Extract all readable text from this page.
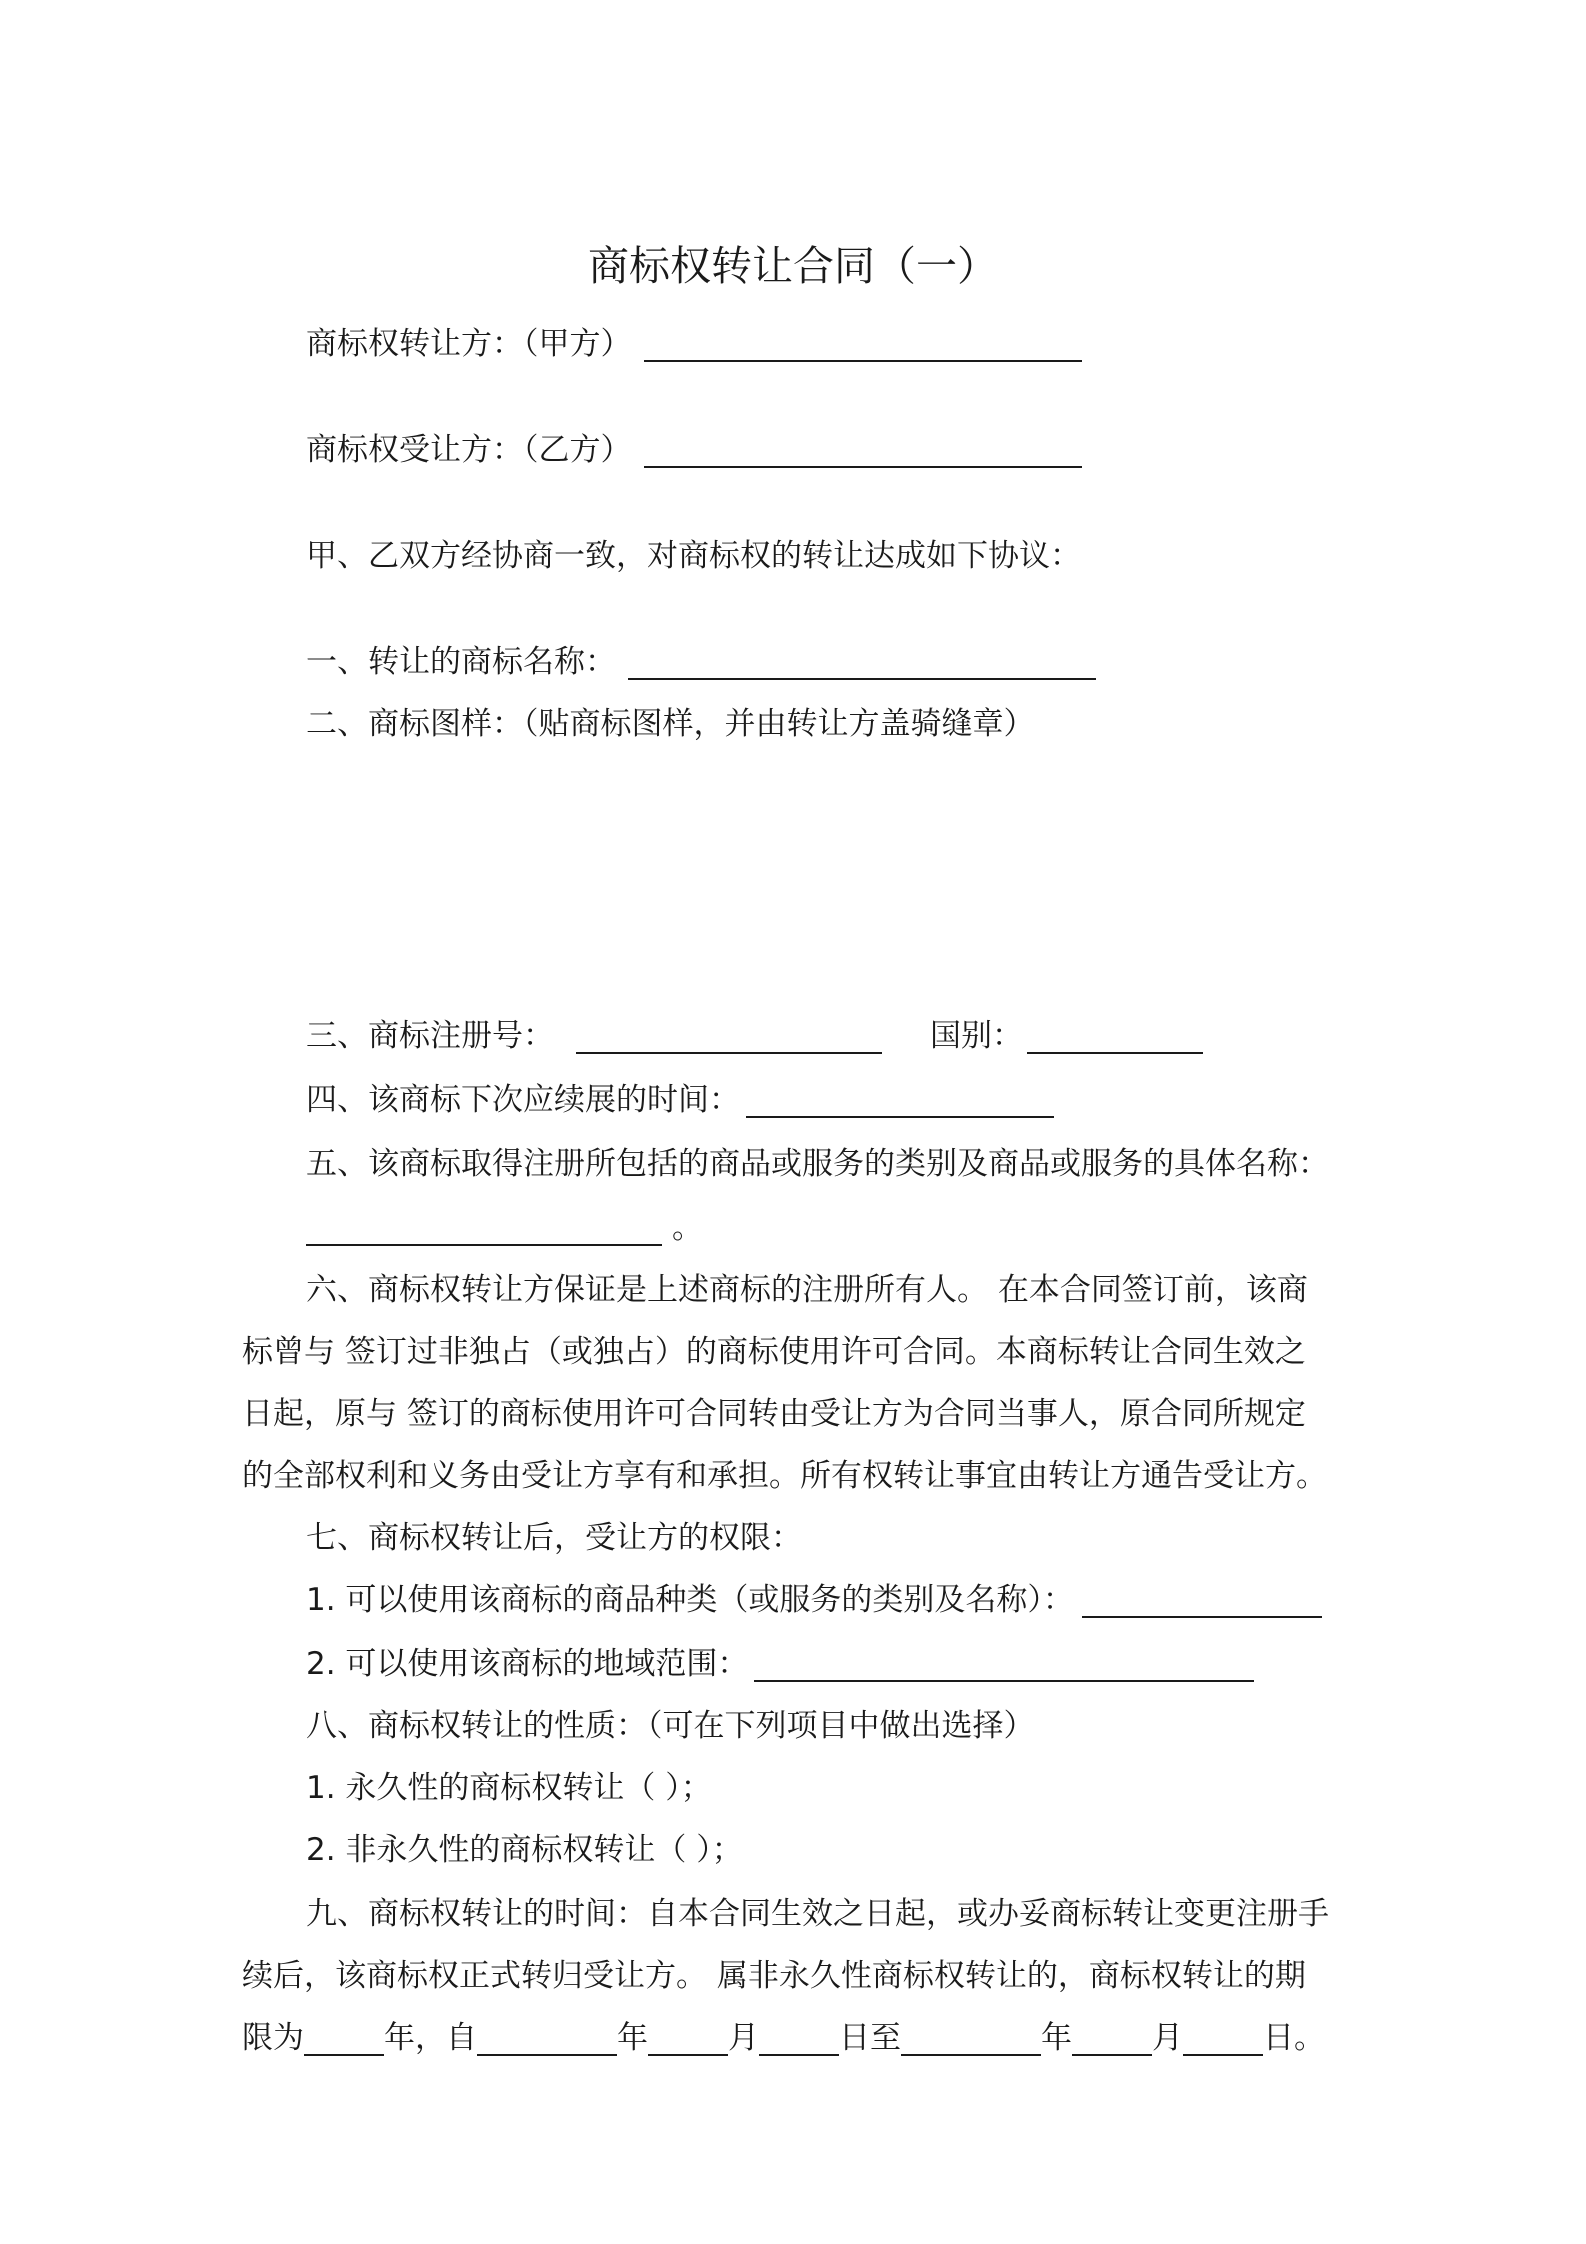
商标权转让合同（一）
商标权转让方：（甲方）
商标权受让方：（乙方）
甲、乙双方经协商一致，对商标权的转让达成如下协议：
一、转让的商标名称：
二、商标图样：（贴商标图样，并由转让方盖骑缝章）
三、商标注册号：	国别：
四、该商标下次应续展的时间：
五、该商标取得注册所包括的商品或服务的类别及商品或服务的具体名称：
。
六、商标权转让方保证是上述商标的注册所有人。 在本合同签订前，该商
标曾与 签订过非独占（或独占）的商标使用许可合同。本商标转让合同生效之
日起，原与 签订的商标使用许可合同转由受让方为合同当事人，原合同所规定
的全部权利和义务由受让方享有和承担。所有权转让事宜由转让方通告受让方。
七、商标权转让后，受让方的权限：
1. 可以使用该商标的商品种类（或服务的类别及名称）：
2. 可以使用该商标的地域范围：
八、商标权转让的性质：（可在下列项目中做出选择）
1. 永久性的商标权转让（ ）；
2. 非永久性的商标权转让（ ）；
九、商标权转让的时间：自本合同生效之日起，或办妥商标转让变更注册手
续后，该商标权正式转归受让方。 属非永久性商标权转让的，商标权转让的期
限为	年，自	年	月	日至	年	月	日。
